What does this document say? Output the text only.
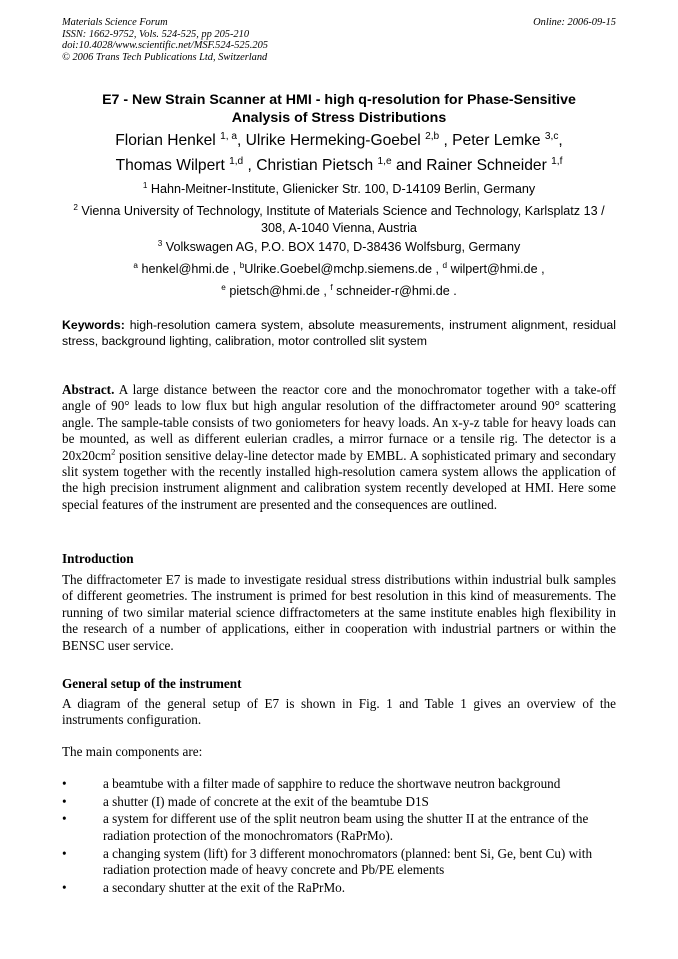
Materials Science Forum
ISSN: 1662-9752, Vols. 524-525, pp 205-210
doi:10.4028/www.scientific.net/MSF.524-525.205
© 2006 Trans Tech Publications Ltd, Switzerland
Online: 2006-09-15
E7 - New Strain Scanner at HMI - high q-resolution for Phase-Sensitive
Analysis of Stress Distributions
Florian Henkel $^{1, a}$, Ulrike Hermeking-Goebel $^{2,b}$ , Peter Lemke $^{3,c}$,
Thomas Wilpert $^{1,d}$ , Christian Pietsch $^{1,e}$ and Rainer Schneider $^{1,f}$
$^1$ Hahn-Meitner-Institute, Glienicker Str. 100, D-14109 Berlin, Germany
$^2$ Vienna University of Technology, Institute of Materials Science and Technology, Karlsplatz 13 /
308, A-1040 Vienna, Austria
$^3$ Volkswagen AG, P.O. BOX 1470, D-38436 Wolfsburg, Germany
$^a$ henkel@hmi.de , $^b$Ulrike.Goebel@mchp.siemens.de , $^d$ wilpert@hmi.de ,
$^e$ pietsch@hmi.de , $^f$ schneider-r@hmi.de .
Keywords: high-resolution camera system, absolute measurements, instrument alignment, residual stress, background lighting, calibration, motor controlled slit system
Abstract. A large distance between the reactor core and the monochromator together with a take-off angle of 90° leads to low flux but high angular resolution of the diffractometer around 90° scattering angle. The sample-table consists of two goniometers for heavy loads. An x-y-z table for heavy loads can be mounted, as well as different eulerian cradles, a mirror furnace or a tensile rig. The detector is a $20x20cm^2$ position sensitive delay-line detector made by EMBL. A sophisticated primary and secondary slit system together with the recently installed high-resolution camera system allows the application of the high precision instrument alignment and calibration system recently developed at HMI. Here some special features of the instrument are presented and the consequences are outlined.
Introduction
The diffractometer E7 is made to investigate residual stress distributions within industrial bulk samples of different geometries. The instrument is primed for best resolution in this kind of measurements. The running of two similar material science diffractometers at the same institute enables high flexibility in the research of a number of applications, either in cooperation with industrial partners or within the BENSC user service.
General setup of the instrument
A diagram of the general setup of E7 is shown in Fig. 1 and Table 1 gives an overview of the instruments configuration.
The main components are:
•	a beamtube with a filter made of sapphire to reduce the shortwave neutron background
•	a shutter (I) made of concrete at the exit of the beamtube D1S
•	a system for different use of the split neutron beam using the shutter II at the entrance of the radiation protection of the monochromators (RaPrMo).
•	a changing system (lift) for 3 different monochromators (planned: bent Si, Ge, bent Cu) with radiation protection made of heavy concrete and Pb/PE elements
•	a secondary shutter at the exit of the RaPrMo.
